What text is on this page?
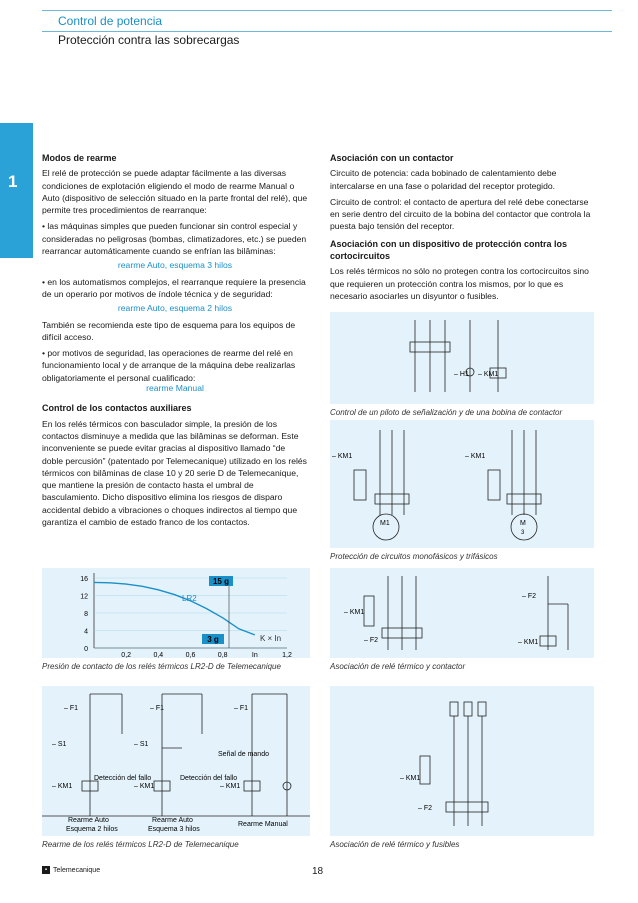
Control de potencia
Protección contra las sobrecargas
1
Modos de rearme

El relé de protección se puede adaptar fácilmente a las diversas condiciones de explotación eligiendo el modo de rearme Manual o Auto (dispositivo de selección situado en la parte frontal del relé), que permite tres procedimientos de rearranque:

• las máquinas simples que pueden funcionar sin control especial y consideradas no peligrosas (bombas, climatizadores, etc.) se pueden rearrancar automáticamente cuando se enfrían las bilâminas:

rearme Auto, esquema 3 hilos

• en los automatismos complejos, el rearranque requiere la presencia de un operario por motivos de índole técnica y de seguridad:

rearme Auto, esquema 2 hilos

También se recomienda este tipo de esquema para los equipos de difícil acceso.

• por motivos de seguridad, las operaciones de rearme del relé en funcionamiento local y de arranque de la máquina debe realizarlas obligatoriamente el personal cualificado:

rearme Manual

Control de los contactos auxiliares

En los relés térmicos con basculador simple, la presión de los contactos disminuye a medida que las bilâminas se deforman. Este inconveniente se puede evitar gracias al dispositivo llamado “de doble percusión” (patentado por Telemecanique) utilizado en los relés térmicos con bilâminas de clase 10 y 20 serie D de Telemecanique, que mantiene la presión de contacto hasta el umbral de basculamiento. Dicho dispositivo elimina los riesgos de disparo accidental debido a vibraciones o choques indirectos al tiempo que garantiza el cambio de estado franco de los contactos.

Asociación con un contactor

Circuito de potencia: cada bobinado de calentamiento debe intercalarse en una fase o polaridad del receptor protegido.

Circuito de control: el contacto de apertura del relé debe conectarse en serie dentro del circuito de la bobina del contactor que controla la puesta bajo tensión del receptor.

Asociación con un dispositivo de protección contra los cortocircuitos

Los relés térmicos no sólo no protegen contra los cortocircuitos sino que requieren un protección contra los mismos, por lo que es necesario asociarles un disyuntor o fusibles.

0
4
8
12
16
0,2	0,4	0,6	0,8	In	1,2
15 g
3 g
LR2
K × In
Presión de contacto de los relés térmicos LR2-D de Telemecanique
– F1
– S1
– KM1
Detección del fallo
Rearme Auto
Esquema 2 hilos
– F1
– S1
– KM1
Detección del fallo
Rearme Auto
Esquema 3 hilos
– F1
Señal de mando
– KM1
Rearme Manual
Rearme de los relés térmicos LR2-D de Telemecanique
– H1 – KM1
Control de un piloto de señalización y de una bobina de contactor
– KM1	– KM1
M1	M
3
Protección de circuitos monofásicos y trifásicos
– KM1
– F2
– F2
– KM1
Asociación de relé térmico y contactor
– KM1
– F2
Asociación de relé térmico y fusibles
▪ Telemecanique	18
